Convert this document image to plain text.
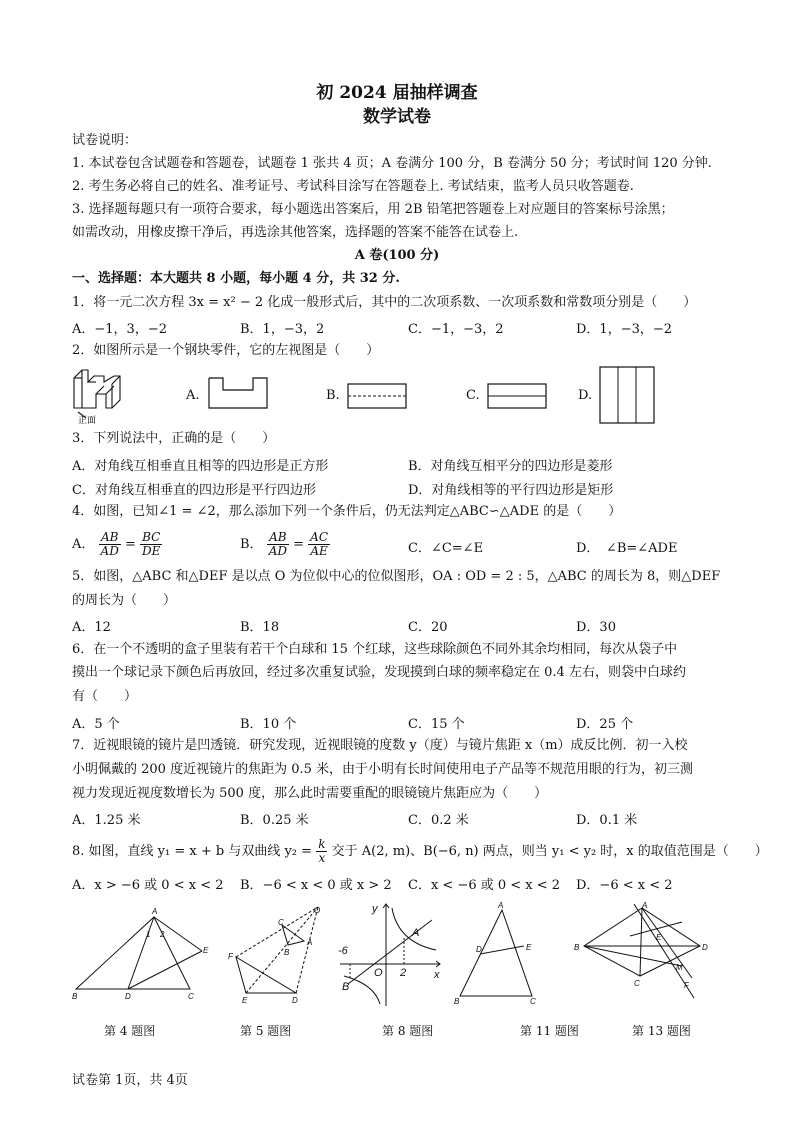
初 2024 届抽样调查
数学试卷
试卷说明：
1. 本试卷包含试题卷和答题卷，试题卷 1 张共 4 页；A 卷满分 100 分，B 卷满分 50 分；考试时间 120 分钟.
2. 考生务必将自己的姓名、准考证号、考试科目涂写在答题卷上. 考试结束，监考人员只收答题卷.
3. 选择题每题只有一项符合要求，每小题选出答案后，用 2B 铅笔把答题卷上对应题目的答案标号涂黑；
如需改动，用橡皮擦干净后，再选涂其他答案，选择题的答案不能答在试卷上.
A 卷(100 分)
一、选择题：本大题共 8 小题，每小题 4 分，共 32 分.
1．将一元二次方程 3x = x² − 2 化成一般形式后，其中的二次项系数、一次项系数和常数项分别是（　　）
A．−1，3，−2	B．1，−3，2	C．−1，−3，2	D．1，−3，−2
2．如图所示是一个钢块零件，它的左视图是（　　）
正面
A.	B.	C.	D.
3．下列说法中，正确的是（　　）
A．对角线互相垂直且相等的四边形是正方形	B．对角线互相平分的四边形是菱形
C．对角线互相垂直的四边形是平行四边形	D．对角线相等的平行四边形是矩形
4．如图，已知∠1 = ∠2，那么添加下列一个条件后，仍无法判定△ABC∽△ADE 的是（　　）
A． $\frac{AB}{AD} = \frac{BC}{DE}$	B． $\frac{AB}{AD} = \frac{AC}{AE}$	C．∠C=∠E	D．　∠B=∠ADE
5．如图，△ABC 和△DEF 是以点 O 为位似中心的位似图形，OA : OD = 2 : 5，△ABC 的周长为 8，则△DEF
的周长为（　　）
A．12	B．18	C．20	D．30
6．在一个不透明的盒子里装有若干个白球和 15 个红球，这些球除颜色不同外其余均相同，每次从袋子中
摸出一个球记录下颜色后再放回，经过多次重复试验，发现摸到白球的频率稳定在 0.4 左右，则袋中白球约
有（　　）
A．5 个	B．10 个	C．15 个	D．25 个
7．近视眼镜的镜片是凹透镜．研究发现，近视眼镜的度数 y（度）与镜片焦距 x（m）成反比例．初一入校
小明佩戴的 200 度近视镜片的焦距为 0.5 米，由于小明有长时间使用电子产品等不规范用眼的行为，初三测
视力发现近视度数增长为 500 度，那么此时需要重配的眼镜镜片焦距应为（　　）
A．1.25 米	B．0.25 米	C．0.2 米	D．0.1 米
8. 如图，直线 y₁ = x + b 与双曲线 $y_2 = \frac{k}{x}$ 交于 A(2, m)、B(−6, n) 两点，则当 y₁ < y₂ 时，x 的取值范围是（　　）
A．x > −6 或 0 < x < 2 B．−6 < x < 0 或 x > 2 C．x < −6 或 0 < x < 2 D．−6 < x < 2
A
B	D	C
E
1 2
O
F
E	D
C
A
B
y
x
A
B
O
-6
2
A
B	C
D	E
A
B	D
C
E
M
F
第 4 题图	第 5 题图	第 8 题图	第 11 题图	第 13 题图
试卷第 1页，共 4页
